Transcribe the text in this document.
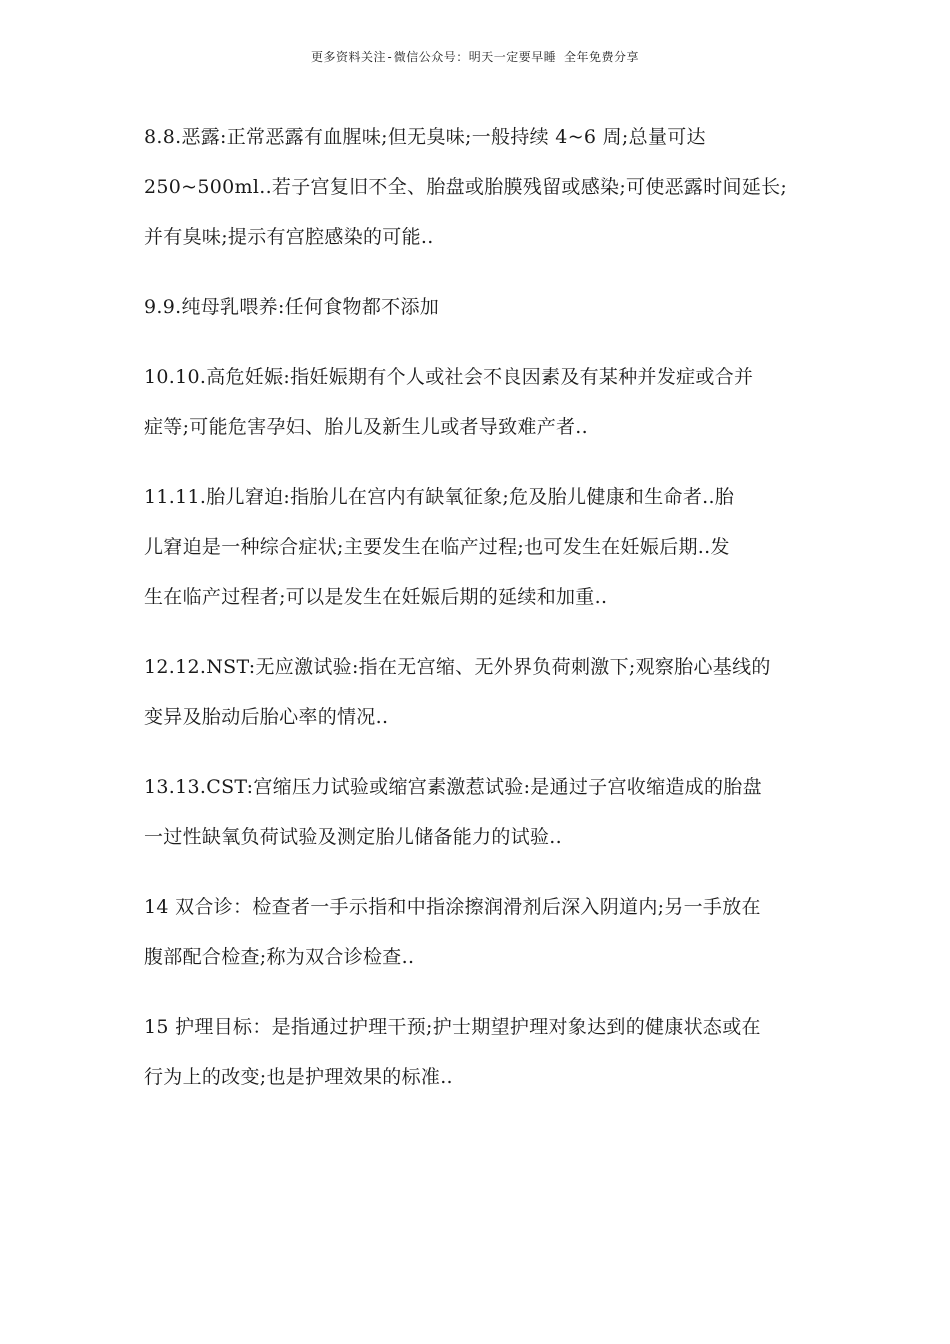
更多资料关注-微信公众号：明天一定要早睡 全年免费分享
8.8.恶露:正常恶露有血腥味;但无臭味;一般持续 4~6 周;总量可达
250~500ml..若子宫复旧不全、胎盘或胎膜残留或感染;可使恶露时间延长;
并有臭味;提示有宫腔感染的可能..
9.9.纯母乳喂养:任何食物都不添加
10.10.高危妊娠:指妊娠期有个人或社会不良因素及有某种并发症或合并
症等;可能危害孕妇、胎儿及新生儿或者导致难产者..
11.11.胎儿窘迫:指胎儿在宫内有缺氧征象;危及胎儿健康和生命者..胎
儿窘迫是一种综合症状;主要发生在临产过程;也可发生在妊娠后期..发
生在临产过程者;可以是发生在妊娠后期的延续和加重..
12.12.NST:无应激试验:指在无宫缩、无外界负荷刺激下;观察胎心基线的
变异及胎动后胎心率的情况..
13.13.CST:宫缩压力试验或缩宫素激惹试验:是通过子宫收缩造成的胎盘
一过性缺氧负荷试验及测定胎儿储备能力的试验..
14 双合诊：检查者一手示指和中指涂擦润滑剂后深入阴道内;另一手放在
腹部配合检查;称为双合诊检查..
15 护理目标：是指通过护理干预;护士期望护理对象达到的健康状态或在
行为上的改变;也是护理效果的标准..
